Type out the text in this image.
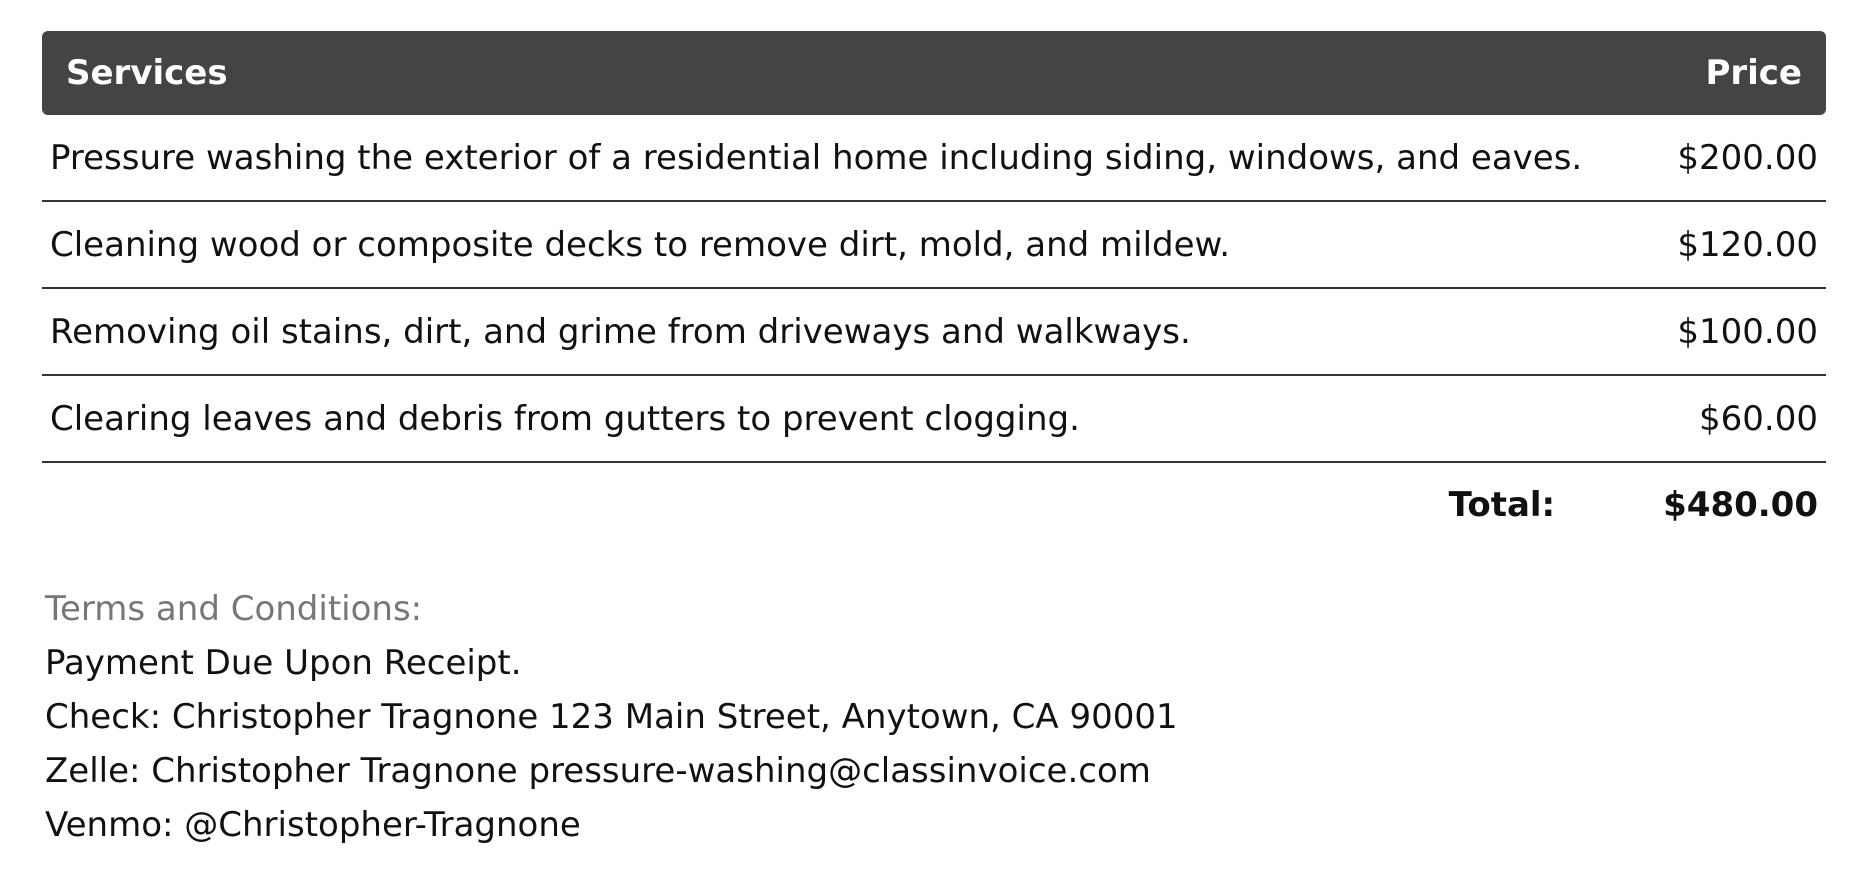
Services	Price
Pressure washing the exterior of a residential home including siding, windows, and eaves.	$200.00
Cleaning wood or composite decks to remove dirt, mold, and mildew.	$120.00
Removing oil stains, dirt, and grime from driveways and walkways.	$100.00
Clearing leaves and debris from gutters to prevent clogging.	$60.00
Total:	$480.00
Terms and Conditions:
Payment Due Upon Receipt.
Check: Christopher Tragnone 123 Main Street, Anytown, CA 90001
Zelle: Christopher Tragnone pressure-washing@classinvoice.com
Venmo: @Christopher-Tragnone
